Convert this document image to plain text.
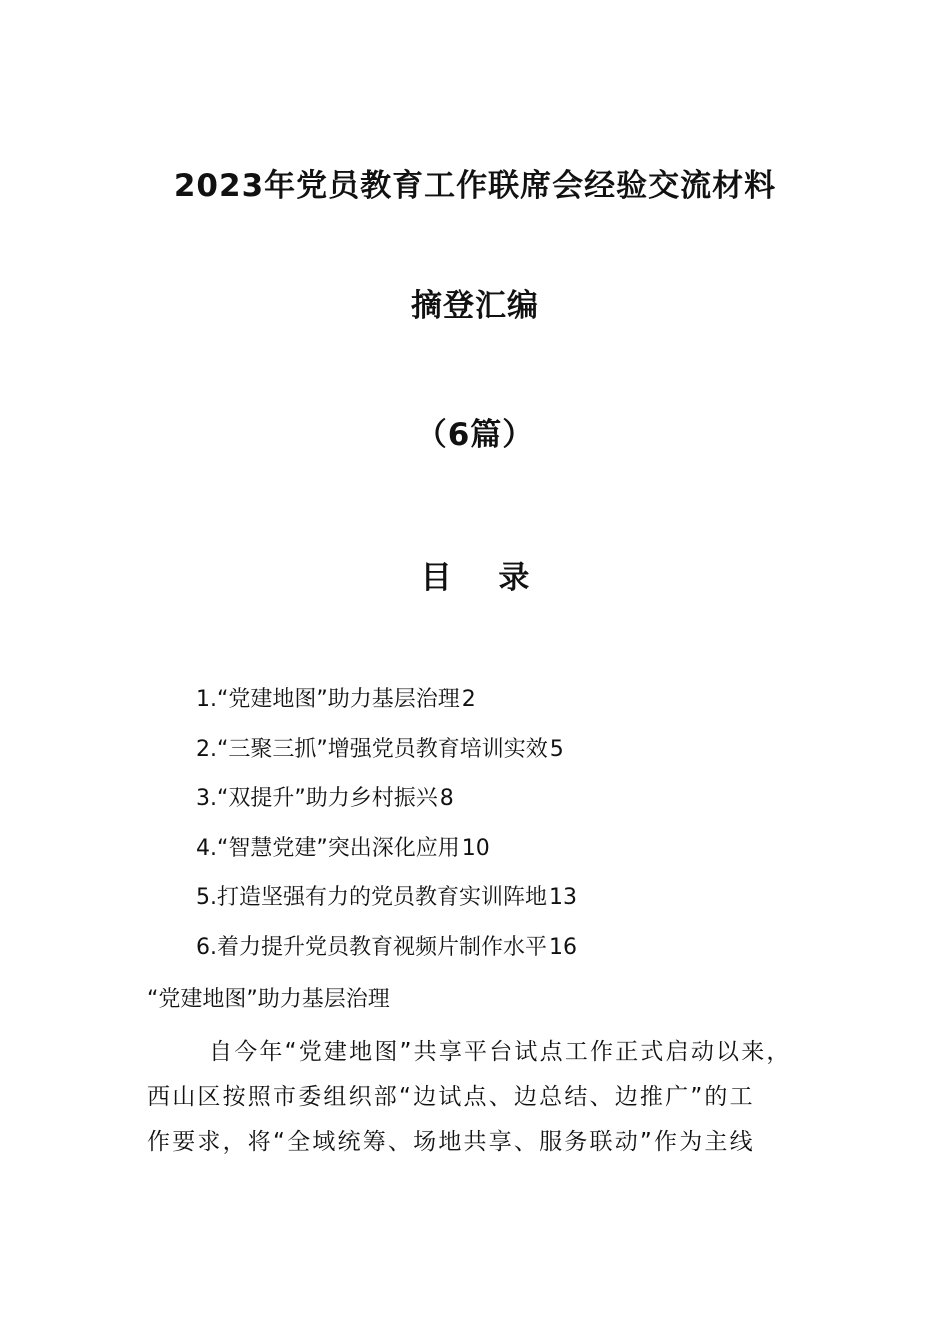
2023年党员教育工作联席会经验交流材料
摘登汇编
（6篇）
目 录
1.“党建地图”助力基层治理2
2.“三聚三抓”增强党员教育培训实效5
3.“双提升”助力乡村振兴8
4.“智慧党建”突出深化应用10
5.打造坚强有力的党员教育实训阵地13
6.着力提升党员教育视频片制作水平16
“党建地图”助力基层治理
自今年“党建地图”共享平台试点工作正式启动以来，
西山区按照市委组织部“边试点、边总结、边推广”的工
作要求，将“全域统筹、场地共享、服务联动”作为主线
